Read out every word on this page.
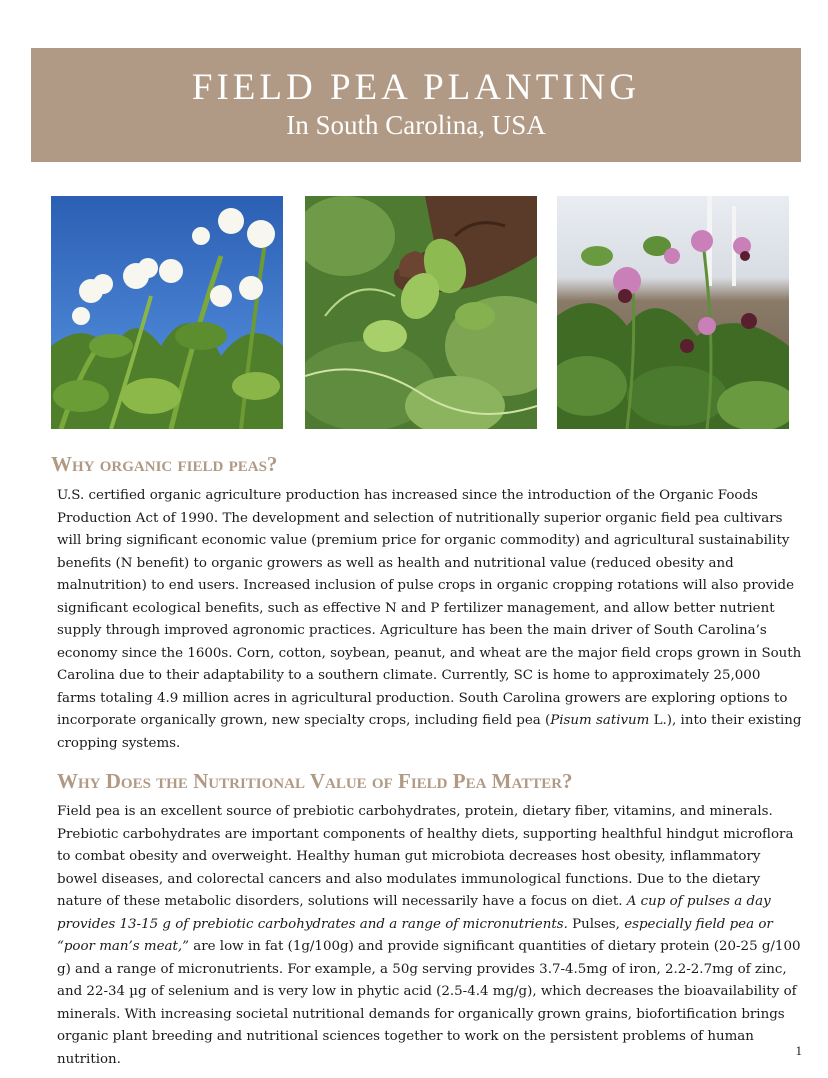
FIELD PEA PLANTING
In South Carolina, USA
Why organic field peas?

U.S. certified organic agriculture production has increased since the introduction of the Organic Foods Production Act of 1990. The development and selection of nutritionally superior organic field pea cultivars will bring significant economic value (premium price for organic commodity) and agricultural sustainability benefits (N benefit) to organic growers as well as health and nutritional value (reduced obesity and malnutrition) to end users. Increased inclusion of pulse crops in organic cropping rotations will also provide significant ecological benefits, such as effective N and P fertilizer management, and allow better nutrient supply through improved agronomic practices. Agriculture has been the main driver of South Carolina’s economy since the 1600s. Corn, cotton, soybean, peanut, and wheat are the major field crops grown in South Carolina due to their adaptability to a southern climate. Currently, SC is home to approximately 25,000 farms totaling 4.9 million acres in agricultural production. South Carolina growers are exploring options to incorporate organically grown, new specialty crops, including field pea (Pisum sativum L.), into their existing cropping systems.

Why Does the Nutritional Value of Field Pea Matter?

Field pea is an excellent source of prebiotic carbohydrates, protein, dietary fiber, vitamins, and minerals. Prebiotic carbohydrates are important components of healthy diets, supporting healthful hindgut microflora to combat obesity and overweight. Healthy human gut microbiota decreases host obesity, inflammatory bowel diseases, and colorectal cancers and also modulates immunological functions. Due to the dietary nature of these metabolic disorders, solutions will necessarily have a focus on diet. A cup of pulses a day provides 13-15 g of prebiotic carbohydrates and a range of micronutrients. Pulses, especially field pea or “poor man’s meat,” are low in fat (1g/100g) and provide significant quantities of dietary protein (20-25 g/100 g) and a range of micronutrients. For example, a 50g serving provides 3.7-4.5mg of iron, 2.2-2.7mg of zinc, and 22-34 µg of selenium and is very low in phytic acid (2.5-4.4 mg/g), which decreases the bioavailability of minerals. With increasing societal nutritional demands for organically grown grains, biofortification brings organic plant breeding and nutritional sciences together to work on the persistent problems of human nutrition.

1
